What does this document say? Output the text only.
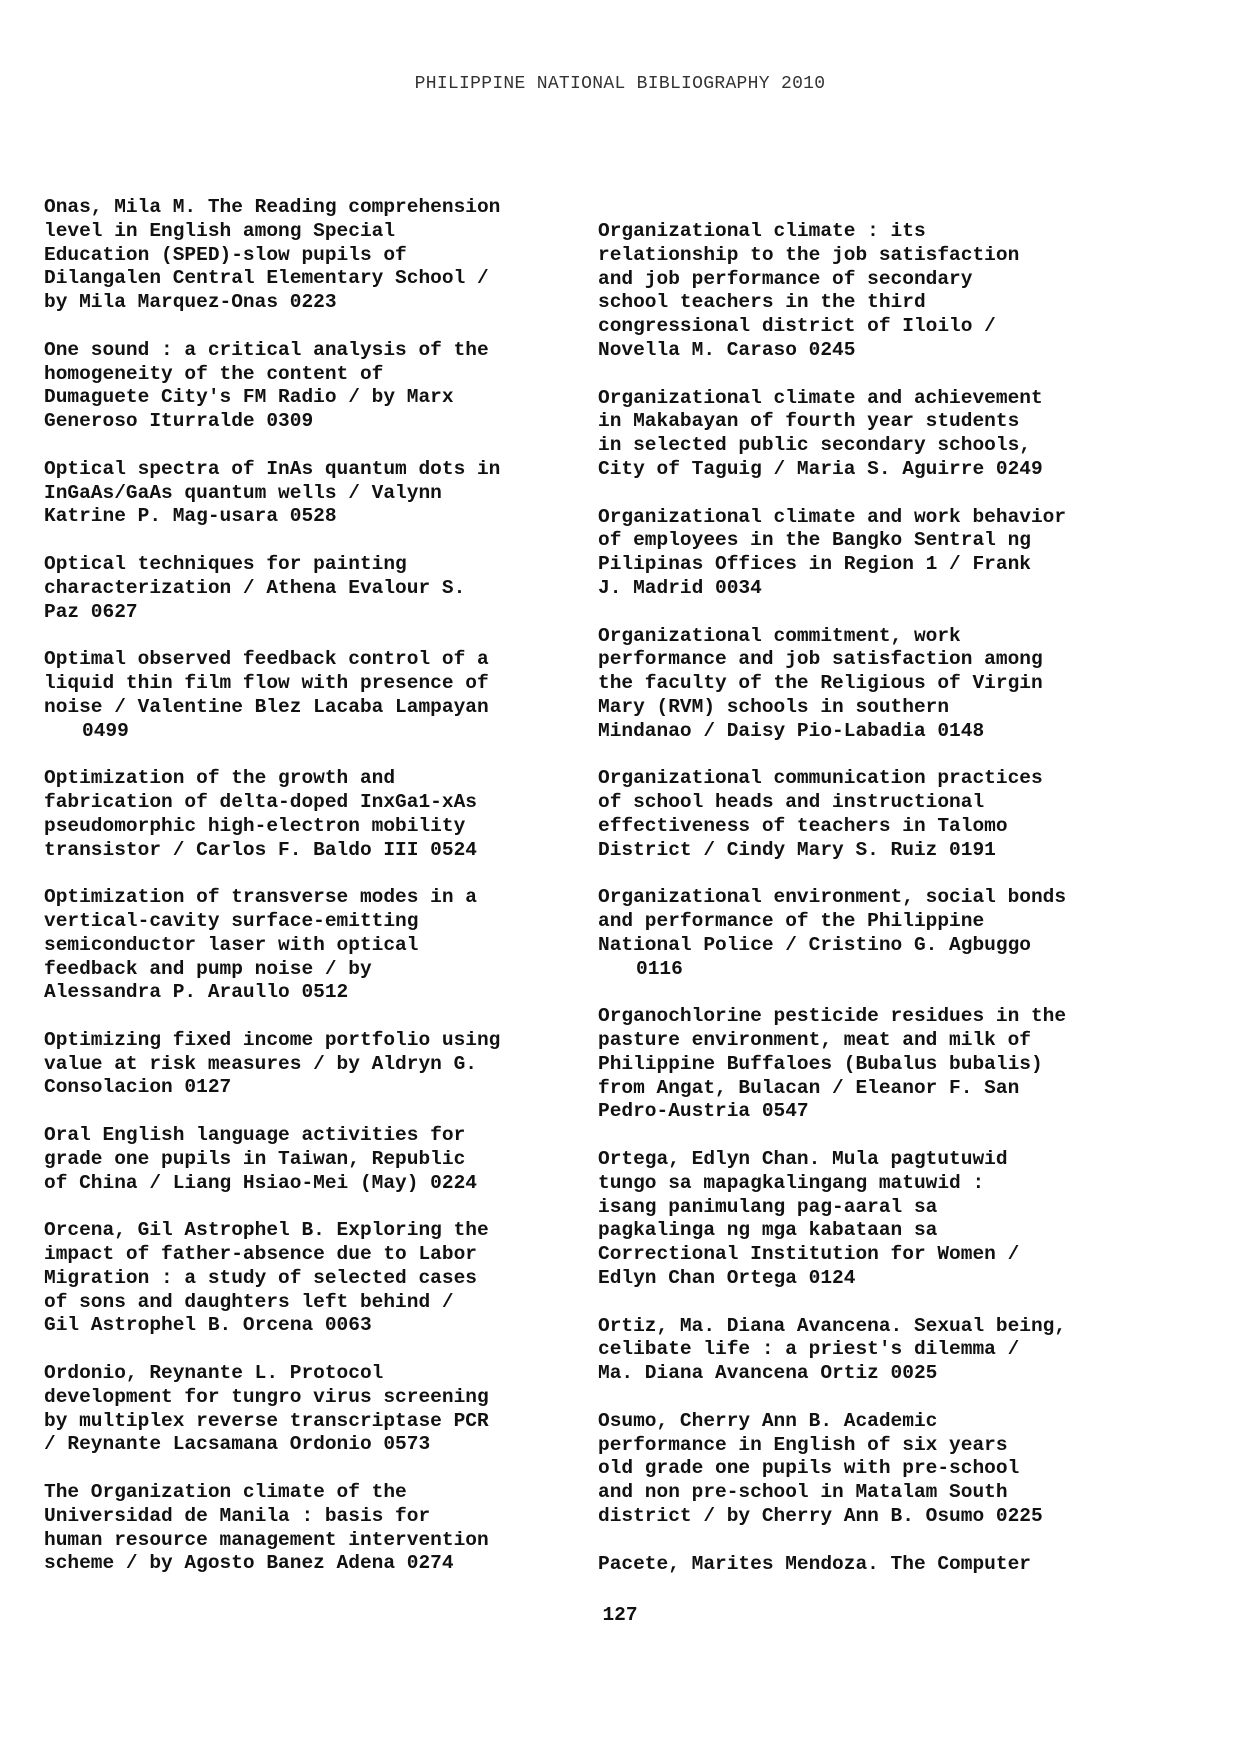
PHILIPPINE NATIONAL BIBLIOGRAPHY 2010
Onas, Mila M. The Reading comprehension
level in English among Special
Education (SPED)-slow pupils of
Dilangalen Central Elementary School /
by Mila Marquez-Onas 0223
One sound : a critical analysis of the
homogeneity of the content of
Dumaguete City's FM Radio / by Marx
Generoso Iturralde 0309
Optical spectra of InAs quantum dots in
InGaAs/GaAs quantum wells / Valynn
Katrine P. Mag-usara 0528
Optical techniques for painting
characterization / Athena Evalour S.
Paz 0627
Optimal observed feedback control of a
liquid thin film flow with presence of
noise / Valentine Blez Lacaba Lampayan
0499
Optimization of the growth and
fabrication of delta-doped InxGa1-xAs
pseudomorphic high-electron mobility
transistor / Carlos F. Baldo III 0524
Optimization of transverse modes in a
vertical-cavity surface-emitting
semiconductor laser with optical
feedback and pump noise / by
Alessandra P. Araullo 0512
Optimizing fixed income portfolio using
value at risk measures / by Aldryn G.
Consolacion 0127
Oral English language activities for
grade one pupils in Taiwan, Republic
of China / Liang Hsiao-Mei (May) 0224
Orcena, Gil Astrophel B. Exploring the
impact of father-absence due to Labor
Migration : a study of selected cases
of sons and daughters left behind /
Gil Astrophel B. Orcena 0063
Ordonio, Reynante L. Protocol
development for tungro virus screening
by multiplex reverse transcriptase PCR
/ Reynante Lacsamana Ordonio 0573
The Organization climate of the
Universidad de Manila : basis for
human resource management intervention
scheme / by Agosto Banez Adena 0274
Organizational climate : its
relationship to the job satisfaction
and job performance of secondary
school teachers in the third
congressional district of Iloilo /
Novella M. Caraso 0245
Organizational climate and achievement
in Makabayan of fourth year students
in selected public secondary schools,
City of Taguig / Maria S. Aguirre 0249
Organizational climate and work behavior
of employees in the Bangko Sentral ng
Pilipinas Offices in Region 1 / Frank
J. Madrid 0034
Organizational commitment, work
performance and job satisfaction among
the faculty of the Religious of Virgin
Mary (RVM) schools in southern
Mindanao / Daisy Pio-Labadia 0148
Organizational communication practices
of school heads and instructional
effectiveness of teachers in Talomo
District / Cindy Mary S. Ruiz 0191
Organizational environment, social bonds
and performance of the Philippine
National Police / Cristino G. Agbuggo
0116
Organochlorine pesticide residues in the
pasture environment, meat and milk of
Philippine Buffaloes (Bubalus bubalis)
from Angat, Bulacan / Eleanor F. San
Pedro-Austria 0547
Ortega, Edlyn Chan. Mula pagtutuwid
tungo sa mapagkalingang matuwid :
isang panimulang pag-aaral sa
pagkalinga ng mga kabataan sa
Correctional Institution for Women /
Edlyn Chan Ortega 0124
Ortiz, Ma. Diana Avancena. Sexual being,
celibate life : a priest's dilemma /
Ma. Diana Avancena Ortiz 0025
Osumo, Cherry Ann B. Academic
performance in English of six years
old grade one pupils with pre-school
and non pre-school in Matalam South
district / by Cherry Ann B. Osumo 0225
Pacete, Marites Mendoza. The Computer
127
